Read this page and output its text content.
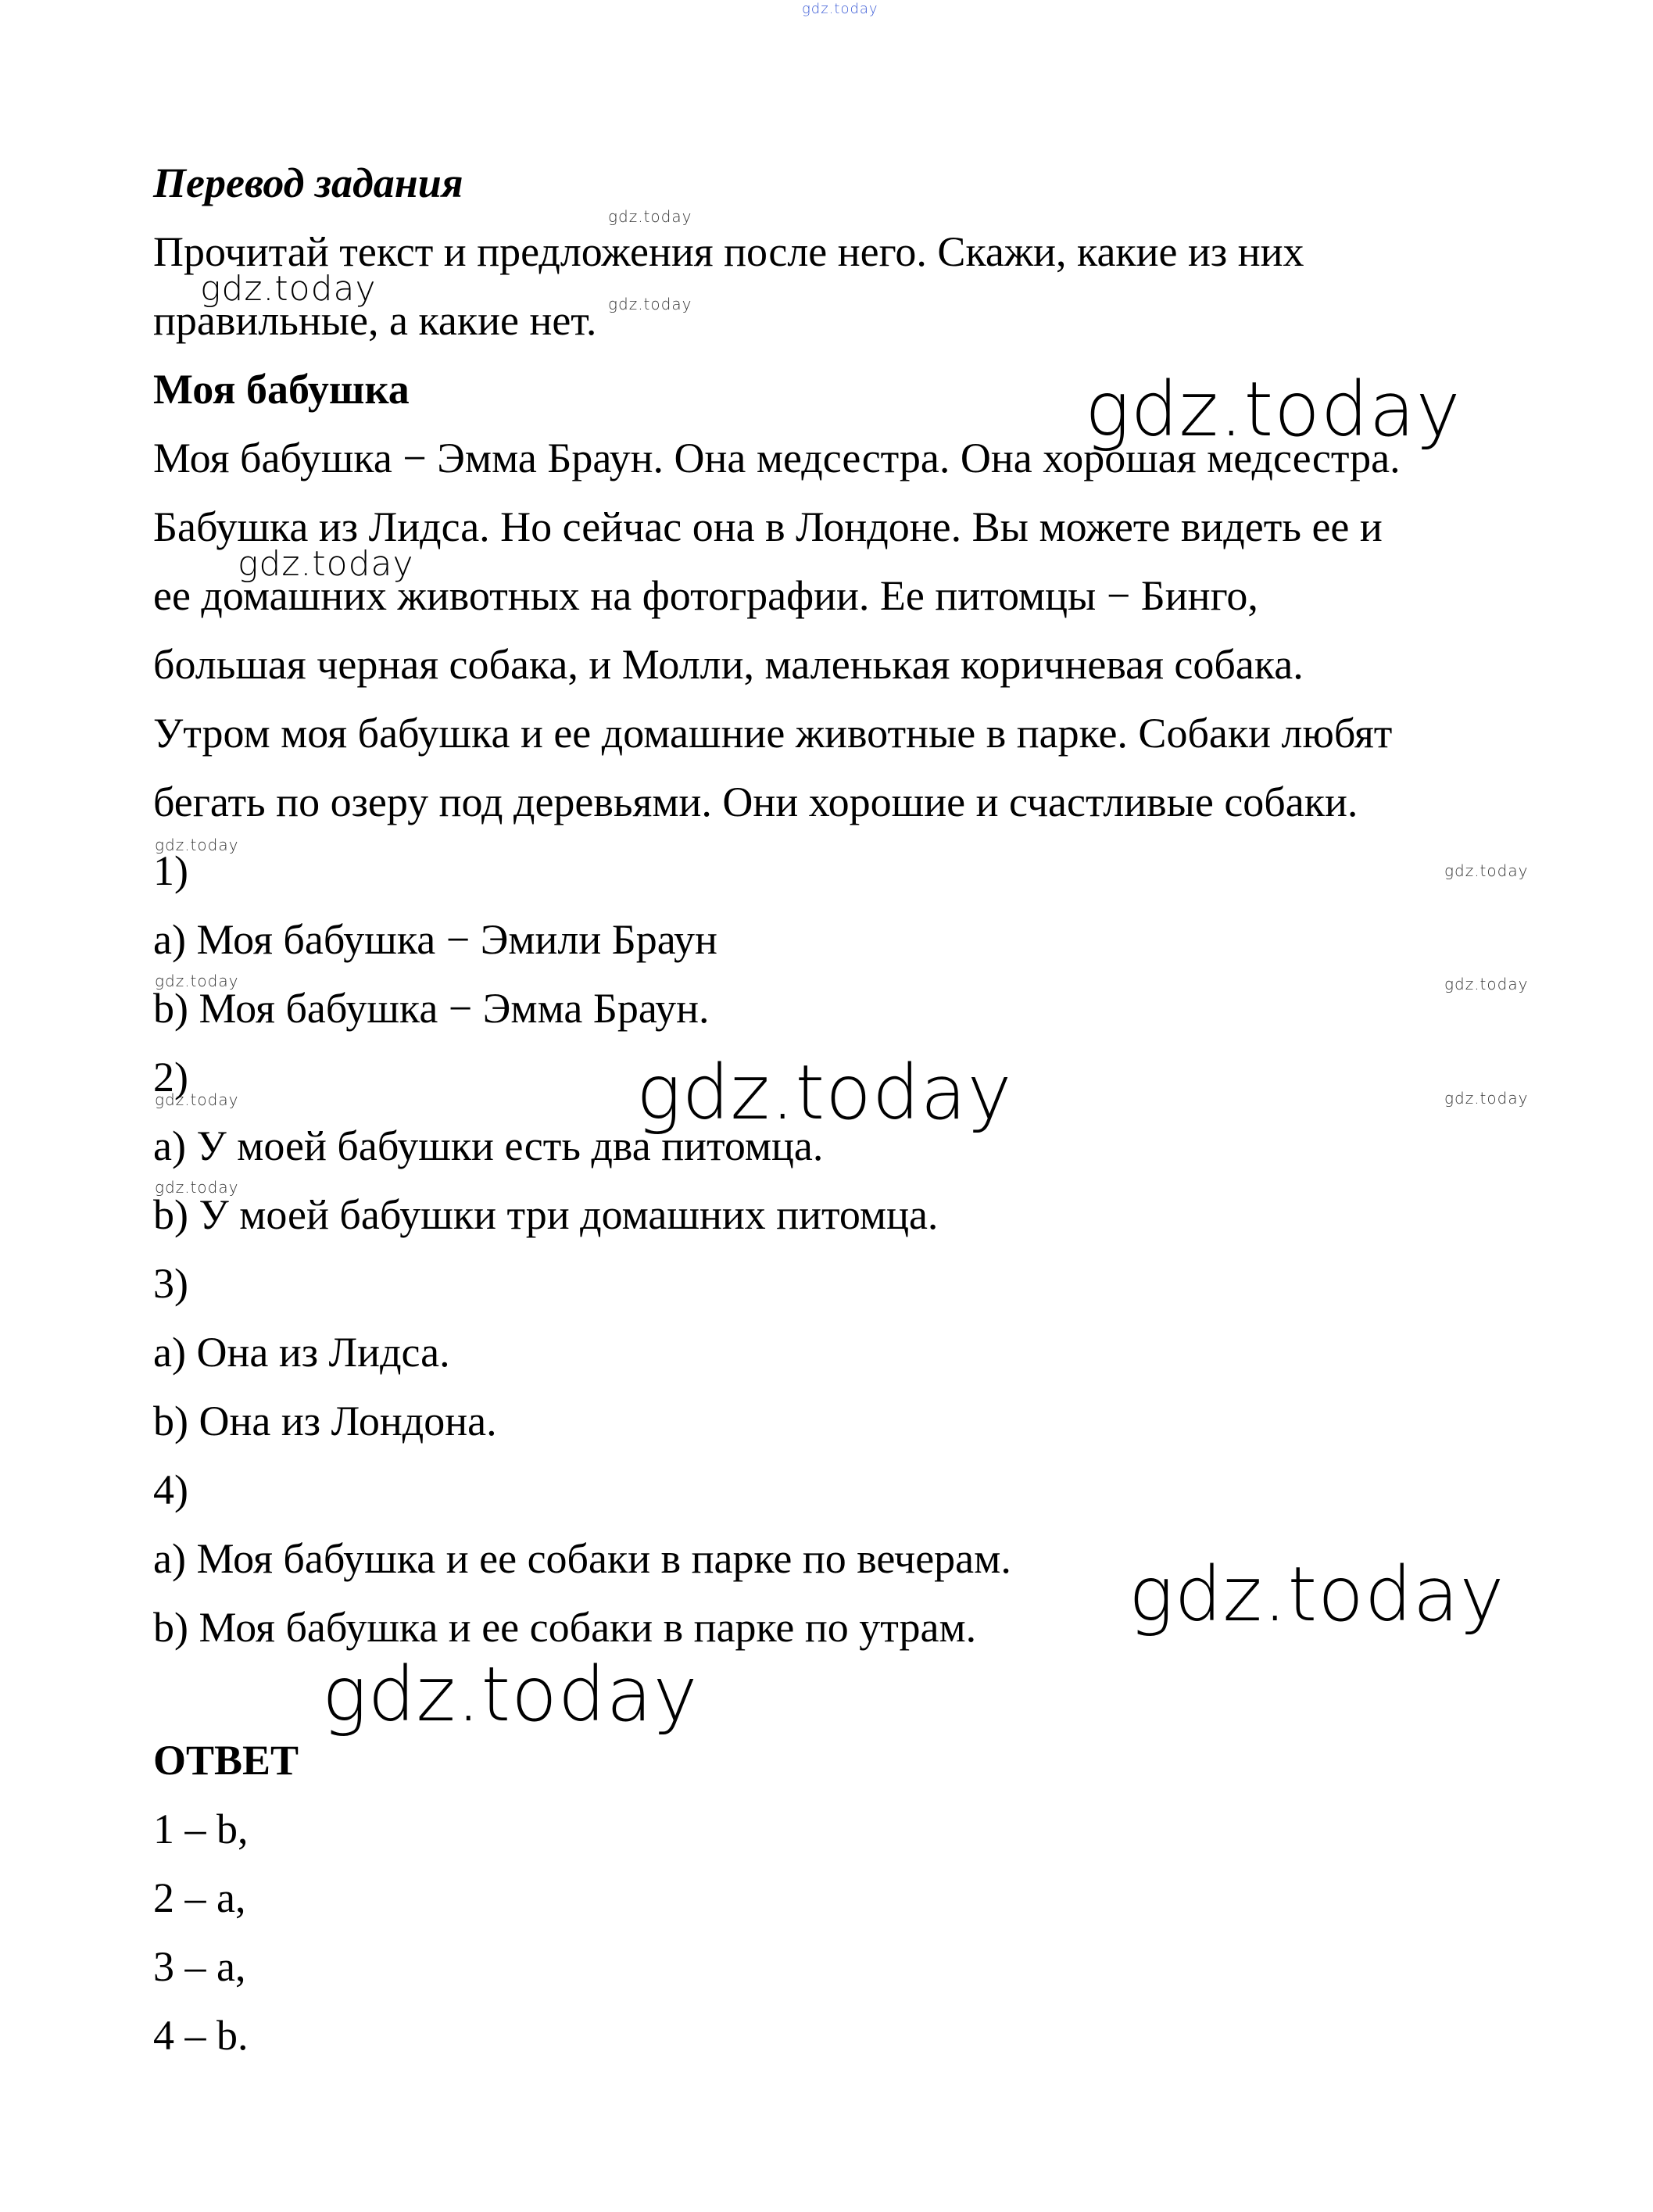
gdz.today
gdz.today
gdz.today	gdz.today
gdz.today
gdz.today
gdz.today
gdz.today
gdz.today	gdz.today
gdz.today
gdz.today	gdz.today
gdz.today
gdz.today
gdz.today
Перевод задания
Прочитай текст и предложения после него. Скажи, какие из них
правильные, а какие нет.
Моя бабушка
Моя бабушка − Эмма Браун. Она медсестра. Она хорошая медсестра.
Бабушка из Лидса. Но сейчас она в Лондоне. Вы можете видеть ее и
ее домашних животных на фотографии. Ее питомцы − Бинго,
большая черная собака, и Молли, маленькая коричневая собака.
Утром моя бабушка и ее домашние животные в парке. Собаки любят
бегать по озеру под деревьями. Они хорошие и счастливые собаки.
1)
a) Моя бабушка − Эмили Браун
b) Моя бабушка − Эмма Браун.
2)
a) У моей бабушки есть два питомца.
b) У моей бабушки три домашних питомца.
3)
a) Она из Лидса.
b) Она из Лондона.
4)
a) Моя бабушка и ее собаки в парке по вечерам.
b) Моя бабушка и ее собаки в парке по утрам.
ОТВЕТ
1 – b,
2 – a,
3 – a,
4 – b.
